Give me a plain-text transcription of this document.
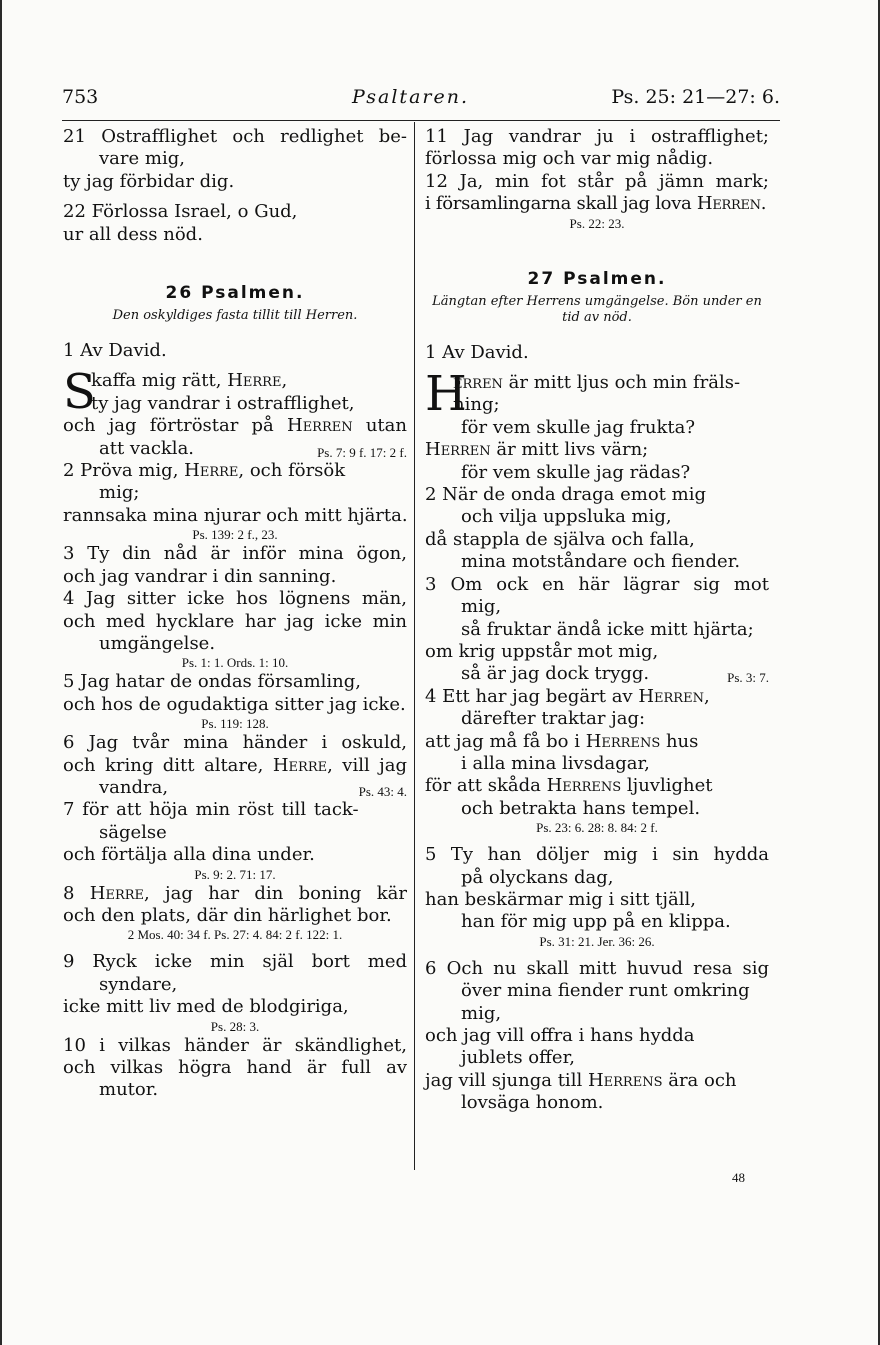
753	Psaltaren.	Ps. 25: 21—27: 6.

21 Ostrafflighet och redlighet be-

vare mig,

ty jag förbidar dig.

22 Förlossa Israel, o Gud,

ur all dess nöd.

26 Psalmen.

Den oskyldiges fasta tillit till Herren.

1 Av David.

S

kaffa mig rätt, Herre,

ty jag vandrar i ostrafflighet,

och jag förtröstar på Herren utan

att vackla.	Ps. 7: 9 f. 17: 2 f.

2 Pröva mig, Herre, och försök

mig;

rannsaka mina njurar och mitt hjärta.

Ps. 139: 2 f., 23.

3 Ty din nåd är inför mina ögon,

och jag vandrar i din sanning.

4 Jag sitter icke hos lögnens män,

och med hycklare har jag icke min

umgängelse.

Ps. 1: 1. Ords. 1: 10.

5 Jag hatar de ondas församling,

och hos de ogudaktiga sitter jag icke.

Ps. 119: 128.

6 Jag tvår mina händer i oskuld,

och kring ditt altare, Herre, vill jag

vandra,	Ps. 43: 4.

7 för att höja min röst till tack-

sägelse

och förtälja alla dina under.

Ps. 9: 2. 71: 17.

8 Herre, jag har din boning kär

och den plats, där din härlighet bor.

2 Mos. 40: 34 f. Ps. 27: 4. 84: 2 f. 122: 1.

9 Ryck icke min själ bort med

syndare,

icke mitt liv med de blodgiriga,

Ps. 28: 3.

10 i vilkas händer är skändlighet,

och vilkas högra hand är full av

mutor.

11 Jag vandrar ju i ostrafflighet;

förlossa mig och var mig nådig.

12 Ja, min fot står på jämn mark;

i församlingarna skall jag lova Herren.

Ps. 22: 23.

27 Psalmen.

Längtan efter Herrens umgängelse. Bön under en tid av nöd.

1 Av David.

H

erren är mitt ljus och min fräls-

ning;

för vem skulle jag frukta?

Herren är mitt livs värn;

för vem skulle jag rädas?

2 När de onda draga emot mig

och vilja uppsluka mig,

då stappla de själva och falla,

mina motståndare och fiender.

3 Om ock en här lägrar sig mot

mig,

så fruktar ändå icke mitt hjärta;

om krig uppstår mot mig,

så är jag dock trygg.	Ps. 3: 7.

4 Ett har jag begärt av Herren,

därefter traktar jag:

att jag må få bo i Herrens hus

i alla mina livsdagar,

för att skåda Herrens ljuvlighet

och betrakta hans tempel.

Ps. 23: 6. 28: 8. 84: 2 f.

5 Ty han döljer mig i sin hydda

på olyckans dag,

han beskärmar mig i sitt tjäll,

han för mig upp på en klippa.

Ps. 31: 21. Jer. 36: 26.

6 Och nu skall mitt huvud resa sig

över mina fiender runt omkring

mig,

och jag vill offra i hans hydda

jublets offer,

jag vill sjunga till Herrens ära och

lovsäga honom.

48
